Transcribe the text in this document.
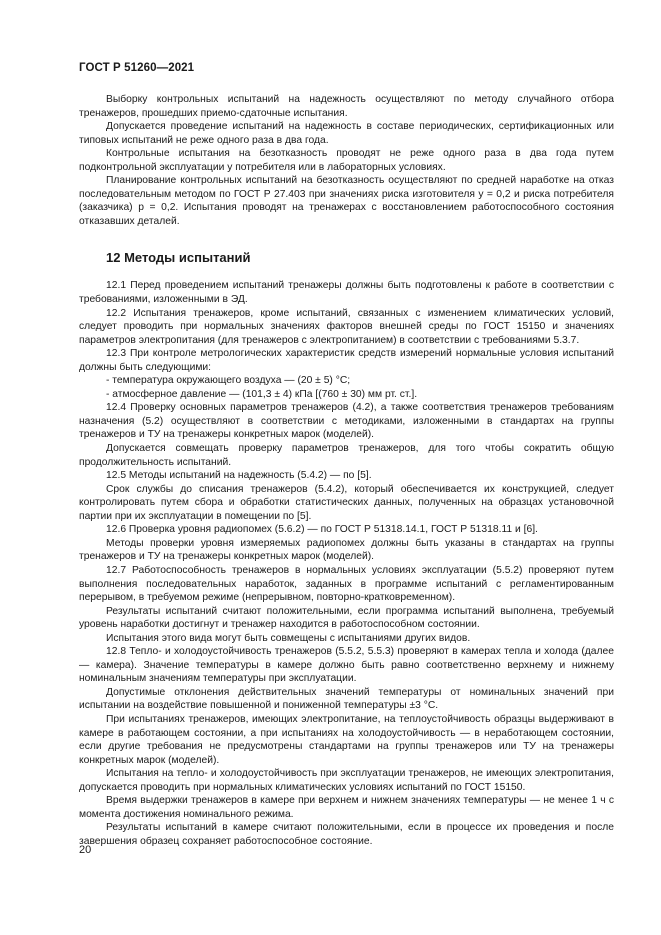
ГОСТ Р 51260—2021

Выборку контрольных испытаний на надежность осуществляют по методу случайного отбора тренажеров, прошедших приемо-сдаточные испытания.

Допускается проведение испытаний на надежность в составе периодических, сертификационных или типовых испытаний не реже одного раза в два года.

Контрольные испытания на безотказность проводят не реже одного раза в два года путем подконтрольной эксплуатации у потребителя или в лабораторных условиях.

Планирование контрольных испытаний на безотказность осуществляют по средней наработке на отказ последовательным методом по ГОСТ Р 27.403 при значениях риска изготовителя y = 0,2 и риска потребителя (заказчика) p = 0,2. Испытания проводят на тренажерах с восстановлением работоспособного состояния отказавших деталей.

12 Методы испытаний

12.1 Перед проведением испытаний тренажеры должны быть подготовлены к работе в соответствии с требованиями, изложенными в ЭД.

12.2 Испытания тренажеров, кроме испытаний, связанных с изменением климатических условий, следует проводить при нормальных значениях факторов внешней среды по ГОСТ 15150 и значениях параметров электропитания (для тренажеров с электропитанием) в соответствии с требованиями 5.3.7.

12.3 При контроле метрологических характеристик средств измерений нормальные условия испытаний должны быть следующими:

- температура окружающего воздуха — (20 ± 5) °С;

- атмосферное давление — (101,3 ± 4) кПа [(760 ± 30) мм рт. ст.].

12.4 Проверку основных параметров тренажеров (4.2), а также соответствия тренажеров требованиям назначения (5.2) осуществляют в соответствии с методиками, изложенными в стандартах на группы тренажеров и ТУ на тренажеры конкретных марок (моделей).

Допускается совмещать проверку параметров тренажеров, для того чтобы сократить общую продолжительность испытаний.

12.5 Методы испытаний на надежность (5.4.2) — по [5].

Срок службы до списания тренажеров (5.4.2), который обеспечивается их конструкцией, следует контролировать путем сбора и обработки статистических данных, полученных на образцах установочной партии при их эксплуатации в помещении по [5].

12.6 Проверка уровня радиопомех (5.6.2) — по ГОСТ Р 51318.14.1, ГОСТ Р 51318.11 и [6].

Методы проверки уровня измеряемых радиопомех должны быть указаны в стандартах на группы тренажеров и ТУ на тренажеры конкретных марок (моделей).

12.7 Работоспособность тренажеров в нормальных условиях эксплуатации (5.5.2) проверяют путем выполнения последовательных наработок, заданных в программе испытаний с регламентированным перерывом, в требуемом режиме (непрерывном, повторно-кратковременном).

Результаты испытаний считают положительными, если программа испытаний выполнена, требуемый уровень наработки достигнут и тренажер находится в работоспособном состоянии.

Испытания этого вида могут быть совмещены с испытаниями других видов.

12.8 Тепло- и холодоустойчивость тренажеров (5.5.2, 5.5.3) проверяют в камерах тепла и холода (далее — камера). Значение температуры в камере должно быть равно соответственно верхнему и нижнему номинальным значениям температуры при эксплуатации.

Допустимые отклонения действительных значений температуры от номинальных значений при испытании на воздействие повышенной и пониженной температуры ±3 °С.

При испытаниях тренажеров, имеющих электропитание, на теплоустойчивость образцы выдерживают в камере в работающем состоянии, а при испытаниях на холодоустойчивость — в неработающем состоянии, если другие требования не предусмотрены стандартами на группы тренажеров или ТУ на тренажеры конкретных марок (моделей).

Испытания на тепло- и холодоустойчивость при эксплуатации тренажеров, не имеющих электропитания, допускается проводить при нормальных климатических условиях испытаний по ГОСТ 15150.

Время выдержки тренажеров в камере при верхнем и нижнем значениях температуры — не менее 1 ч с момента достижения номинального режима.

Результаты испытаний в камере считают положительными, если в процессе их проведения и после завершения образец сохраняет работоспособное состояние.

20
